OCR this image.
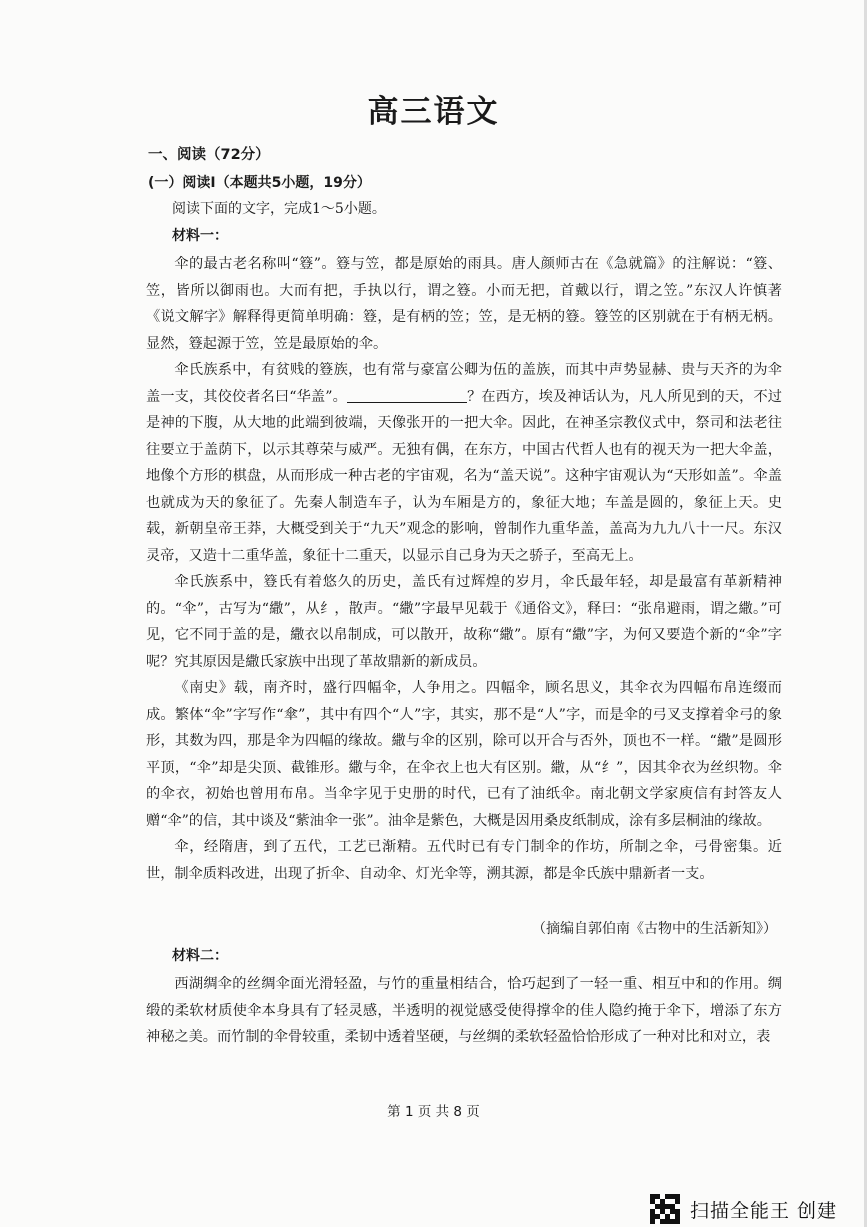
高三语文
一、阅读（72分）
(一）阅读Ⅰ（本题共5小题，19分）
阅读下面的文字，完成1～5小题。
材料一：

伞的最古老名称叫“簦”。簦与笠，都是原始的雨具。唐人颜师古在《急就篇》的注解说：“簦、笠，皆所以御雨也。大而有把，手执以行，谓之簦。小而无把，首戴以行，谓之笠。”东汉人许慎著《说文解字》解释得更简单明确：簦，是有柄的笠；笠，是无柄的簦。簦笠的区别就在于有柄无柄。显然，簦起源于笠，笠是最原始的伞。

伞氏族系中，有贫贱的簦族，也有常与豪富公卿为伍的盖族，而其中声势显赫、贵与天齐的为伞盖一支，其佼佼者名曰“华盖”。	？在西方，埃及神话认为，凡人所见到的天，不过是神的下腹，从大地的此端到彼端，天像张开的一把大伞。因此，在神圣宗教仪式中，祭司和法老往往要立于盖荫下，以示其尊荣与威严。无独有偶，在东方，中国古代哲人也有的视天为一把大伞盖，地像个方形的棋盘，从而形成一种古老的宇宙观，名为“盖天说”。这种宇宙观认为“天形如盖”。伞盖也就成为天的象征了。先秦人制造车子，认为车厢是方的，象征大地；车盖是圆的，象征上天。史载，新朝皇帝王莽，大概受到关于“九天”观念的影响，曾制作九重华盖，盖高为九九八十一尺。东汉灵帝，又造十二重华盖，象征十二重天，以显示自己身为天之骄子，至高无上。

伞氏族系中，簦氏有着悠久的历史，盖氏有过辉煌的岁月，伞氏最年轻，却是最富有革新精神的。“伞”，古写为“繖”，从纟，散声。“繖”字最早见载于《通俗文》，释曰：“张帛避雨，谓之繖。”可见，它不同于盖的是，繖衣以帛制成，可以散开，故称“繖”。原有“繖”字，为何又要造个新的“伞”字呢？究其原因是繖氏家族中出现了革故鼎新的新成员。

《南史》载，南齐时，盛行四幅伞，人争用之。四幅伞，顾名思义，其伞衣为四幅布帛连缀而成。繁体“伞”字写作“傘”，其中有四个“人”字，其实，那不是“人”字，而是伞的弓叉支撑着伞弓的象形，其数为四，那是伞为四幅的缘故。繖与伞的区别，除可以开合与否外，顶也不一样。“繖”是圆形平顶，“伞”却是尖顶、截锥形。繖与伞，在伞衣上也大有区别。繖，从“纟”，因其伞衣为丝织物。伞的伞衣，初始也曾用布帛。当伞字见于史册的时代，已有了油纸伞。南北朝文学家庾信有封答友人赠“伞”的信，其中谈及“紫油伞一张”。油伞是紫色，大概是因用桑皮纸制成，涂有多层桐油的缘故。

伞，经隋唐，到了五代，工艺已渐精。五代时已有专门制伞的作坊，所制之伞，弓骨密集。近世，制伞质料改进，出现了折伞、自动伞、灯光伞等，溯其源，都是伞氏族中鼎新者一支。

（摘编自郭伯南《古物中的生活新知》）
材料二：

西湖绸伞的丝绸伞面光滑轻盈，与竹的重量相结合，恰巧起到了一轻一重、相互中和的作用。绸缎的柔软材质使伞本身具有了轻灵感，半透明的视觉感受使得撑伞的佳人隐约掩于伞下，增添了东方神秘之美。而竹制的伞骨较重，柔韧中透着坚硬，与丝绸的柔软轻盈恰恰形成了一种对比和对立，表

第 1 页 共 8 页
扫描全能王 创建
